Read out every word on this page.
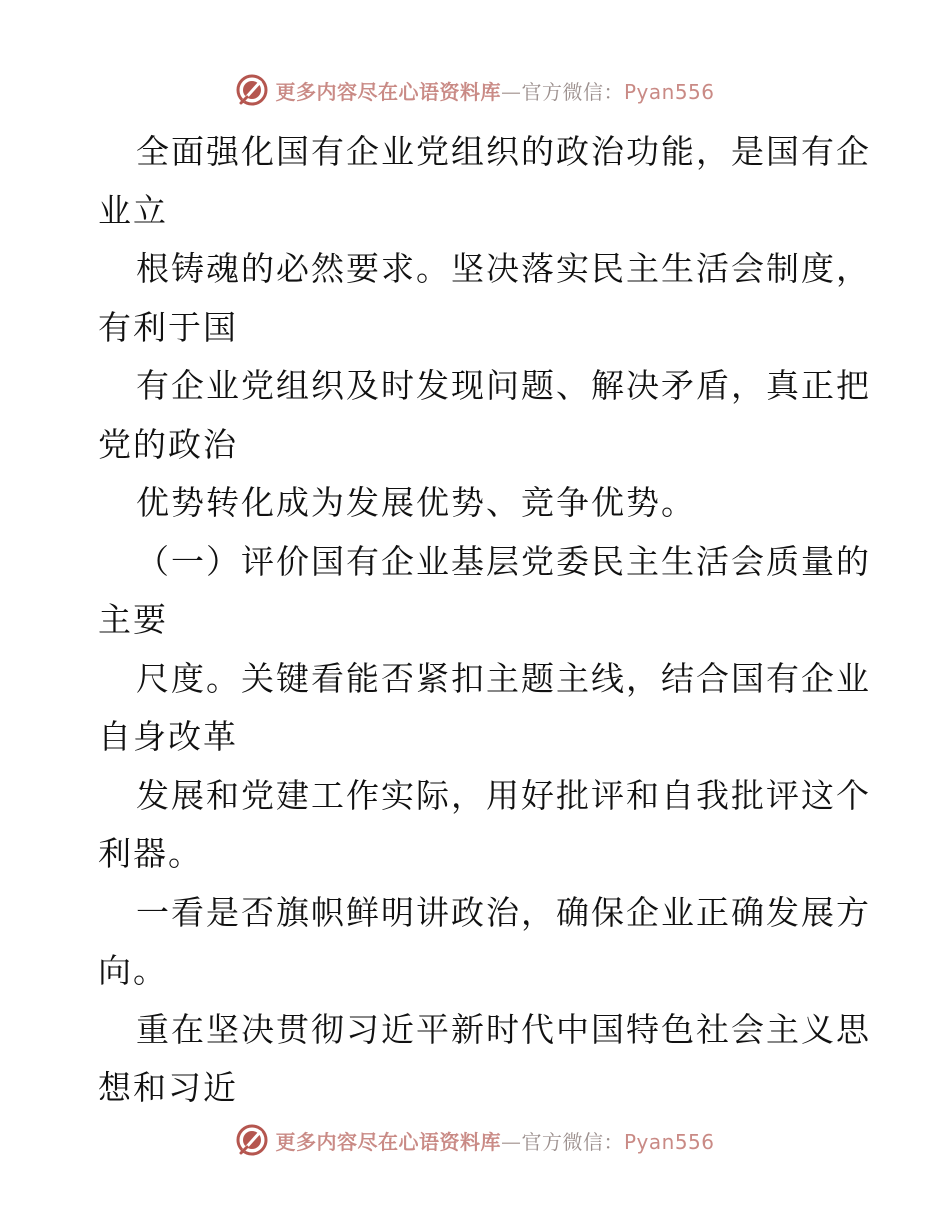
更多内容尽在心语资料库—官方微信：Pyan556
全面强化国有企业党组织的政治功能，是国有企
业立
根铸魂的必然要求。坚决落实民主生活会制度，
有利于国
有企业党组织及时发现问题、解决矛盾，真正把
党的政治
优势转化成为发展优势、竞争优势。
（一）评价国有企业基层党委民主生活会质量的
主要
尺度。关键看能否紧扣主题主线，结合国有企业
自身改革
发展和党建工作实际，用好批评和自我批评这个
利器。
一看是否旗帜鲜明讲政治，确保企业正确发展方
向。
重在坚决贯彻习近平新时代中国特色社会主义思
想和习近
更多内容尽在心语资料库—官方微信：Pyan556
